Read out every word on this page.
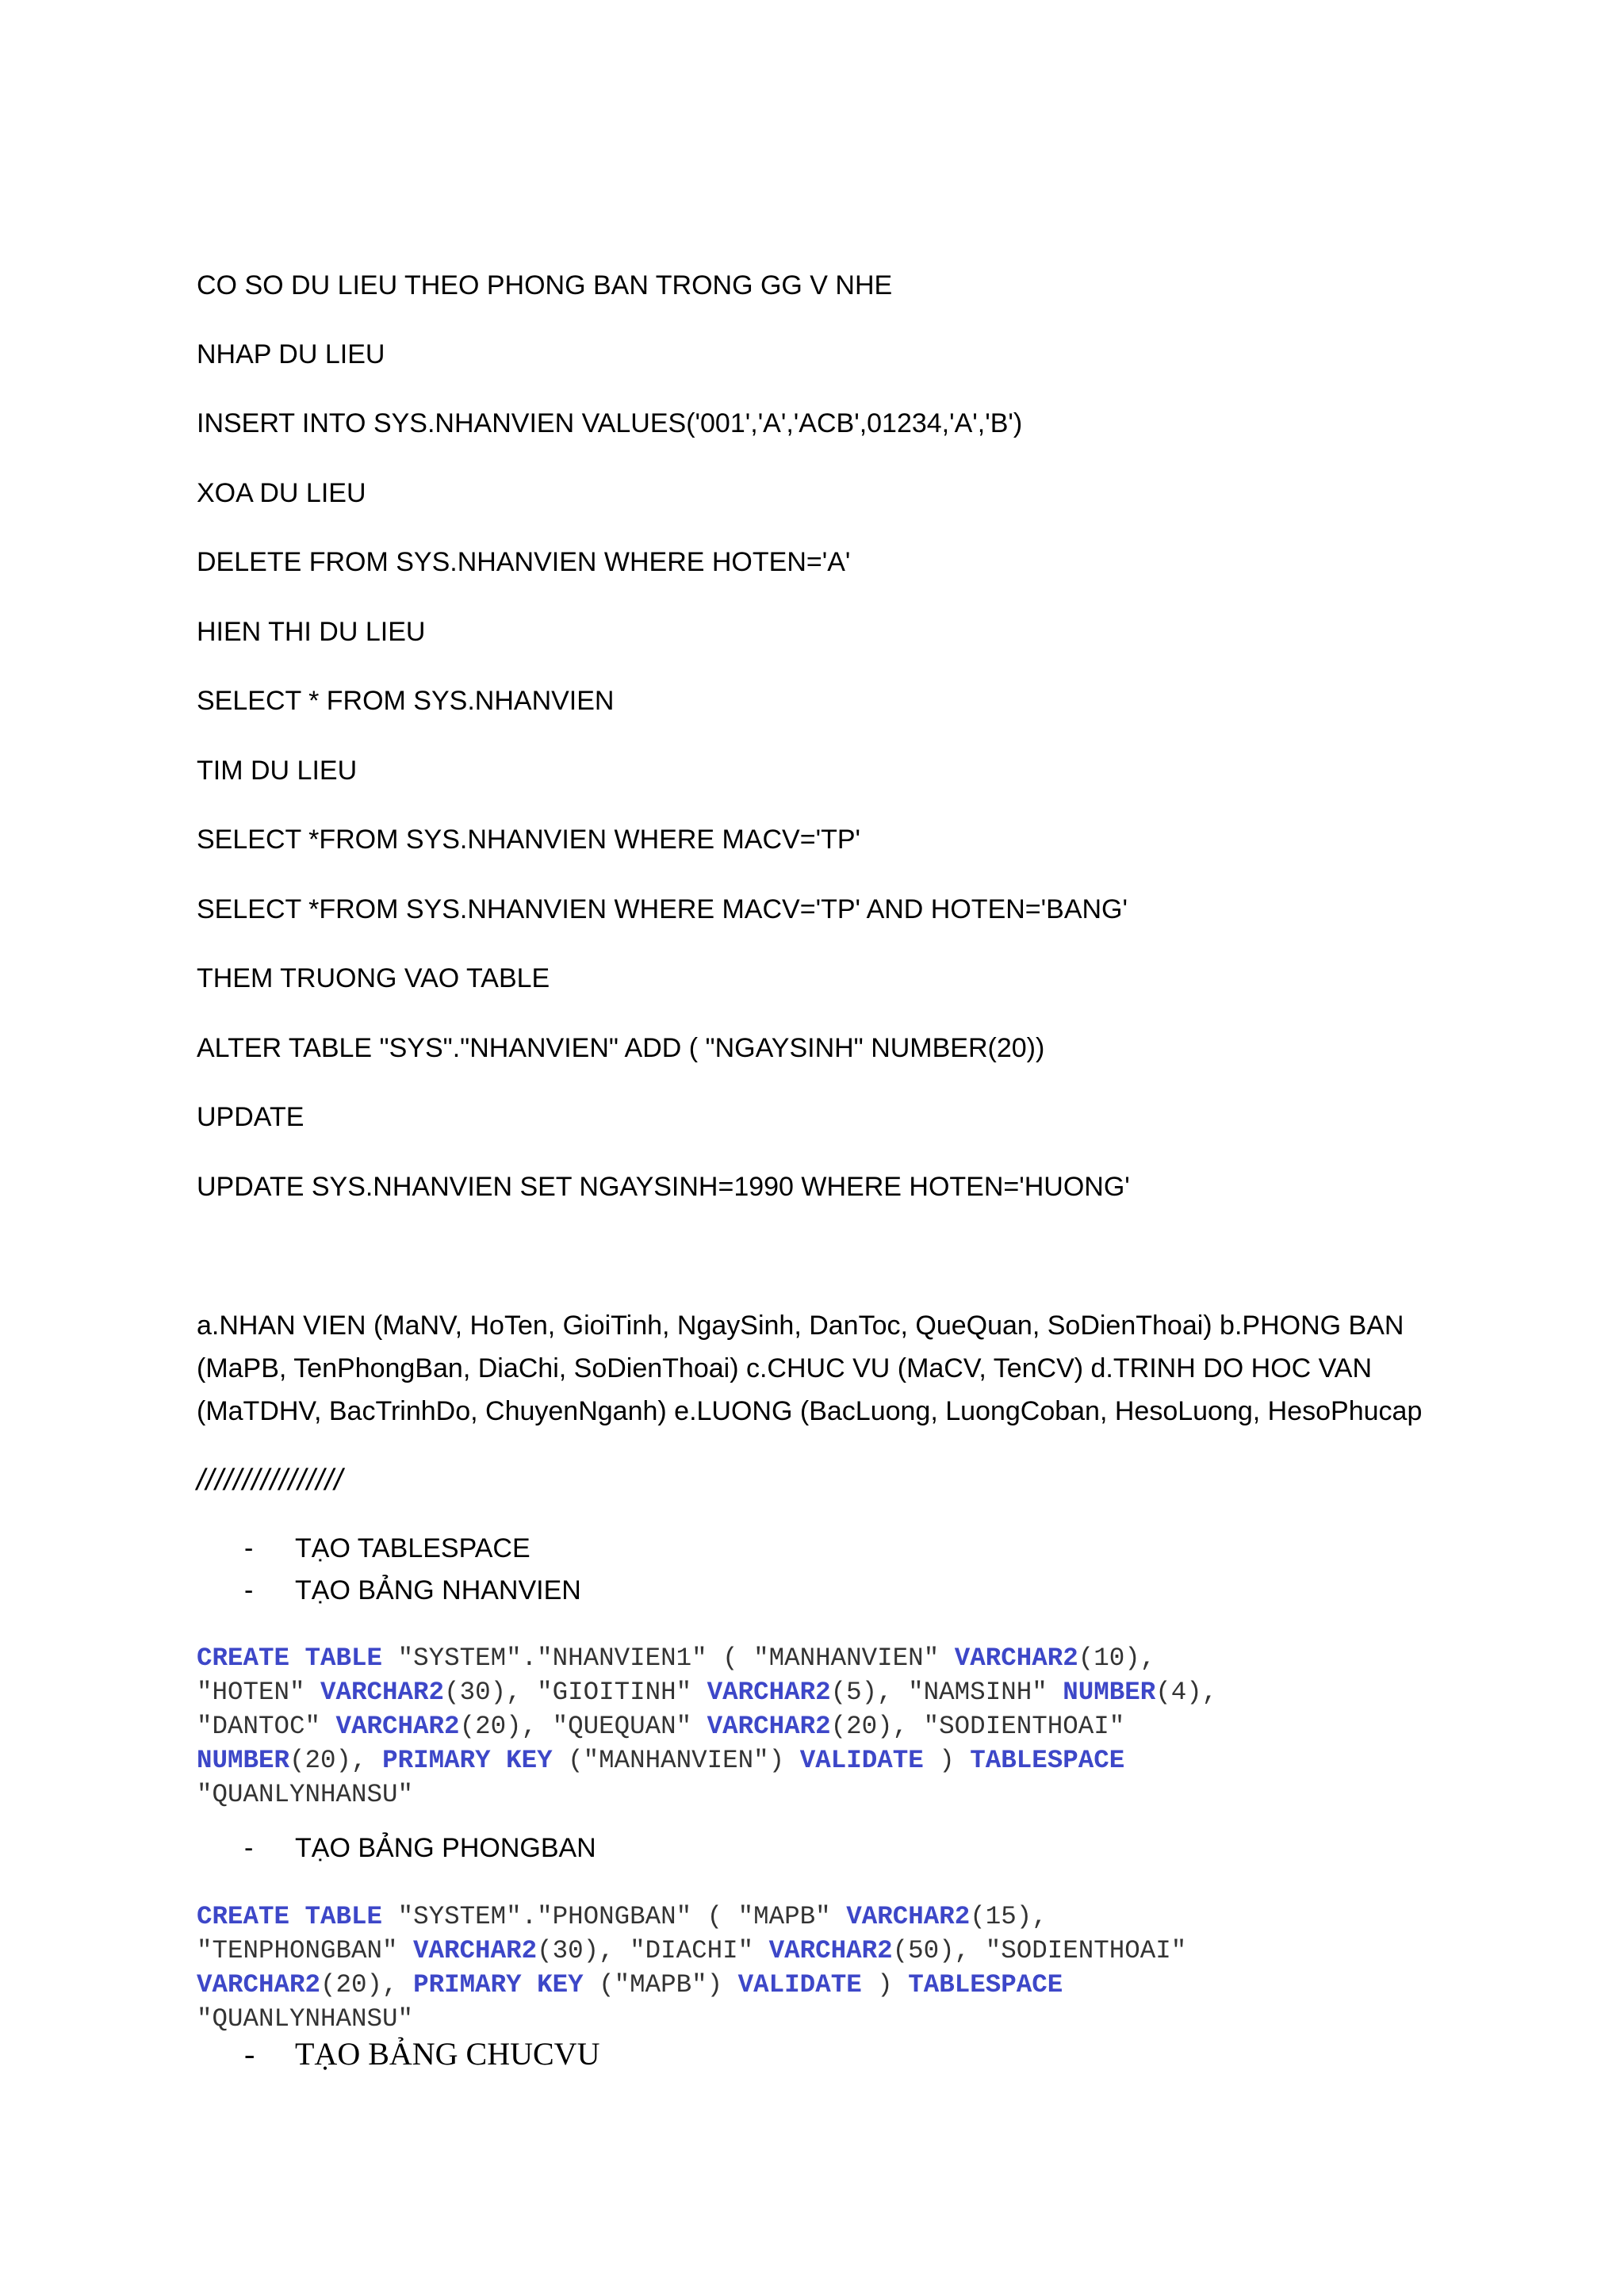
CO SO DU LIEU THEO PHONG BAN TRONG GG V NHE
NHAP DU LIEU
INSERT INTO SYS.NHANVIEN VALUES('001','A','ACB',01234,'A','B')
XOA DU LIEU
DELETE FROM SYS.NHANVIEN WHERE HOTEN='A'
HIEN THI DU LIEU
SELECT * FROM SYS.NHANVIEN
TIM DU LIEU
SELECT *FROM SYS.NHANVIEN WHERE MACV='TP'
SELECT *FROM SYS.NHANVIEN WHERE MACV='TP' AND HOTEN='BANG'
THEM TRUONG VAO TABLE
ALTER TABLE "SYS"."NHANVIEN" ADD ( "NGAYSINH" NUMBER(20))
UPDATE
UPDATE SYS.NHANVIEN SET NGAYSINH=1990 WHERE HOTEN='HUONG'
a.NHAN VIEN (MaNV, HoTen, GioiTinh, NgaySinh, DanToc, QueQuan, SoDienThoai) b.PHONG BAN (MaPB, TenPhongBan, DiaChi, SoDienThoai) c.CHUC VU (MaCV, TenCV) d.TRINH DO HOC VAN (MaTDHV, BacTrinhDo, ChuyenNganh) e.LUONG (BacLuong, LuongCoban, HesoLuong, HesoPhucap
////////////////
- TẠO TABLESPACE
- TẠO BẢNG NHANVIEN
CREATE TABLE "SYSTEM"."NHANVIEN1" ( "MANHANVIEN" VARCHAR2(10),
"HOTEN" VARCHAR2(30), "GIOITINH" VARCHAR2(5), "NAMSINH" NUMBER(4),
"DANTOC" VARCHAR2(20), "QUEQUAN" VARCHAR2(20), "SODIENTHOAI"
NUMBER(20), PRIMARY KEY ("MANHANVIEN") VALIDATE ) TABLESPACE
"QUANLYNHANSU"
- TẠO BẢNG PHONGBAN
CREATE TABLE "SYSTEM"."PHONGBAN" ( "MAPB" VARCHAR2(15),
"TENPHONGBAN" VARCHAR2(30), "DIACHI" VARCHAR2(50), "SODIENTHOAI"
VARCHAR2(20), PRIMARY KEY ("MAPB") VALIDATE ) TABLESPACE
"QUANLYNHANSU"
- TẠO BẢNG CHUCVU
